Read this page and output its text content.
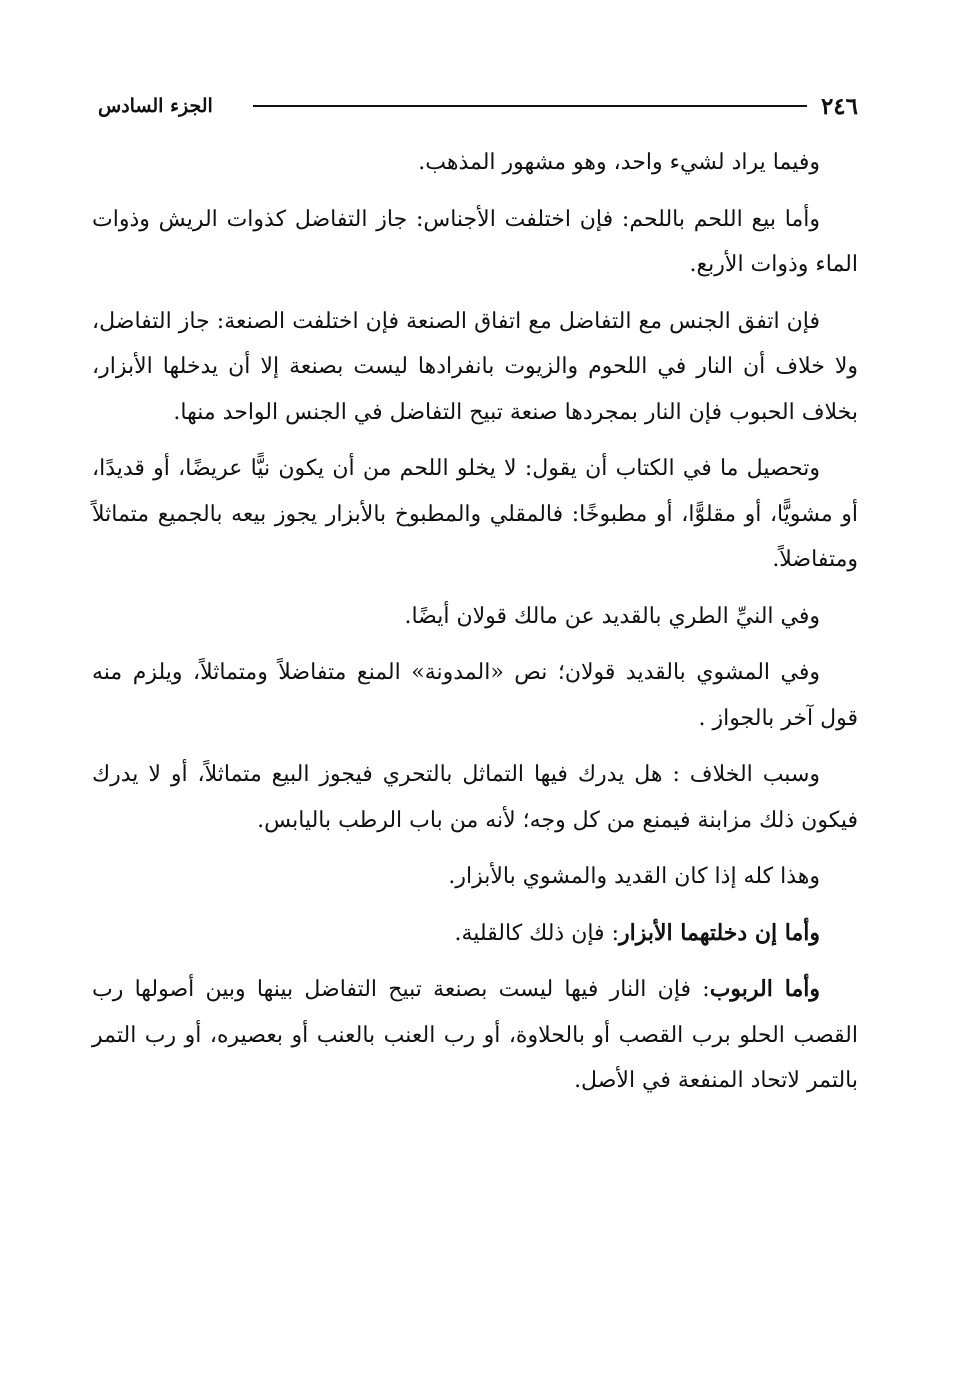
٢٤٦
الجزء السادس

وفيما يراد لشيء واحد، وهو مشهور المذهب.

وأما بيع اللحم باللحم: فإن اختلفت الأجناس: جاز التفاضل كذوات الريش وذوات الماء وذوات الأربع.

فإن اتفق الجنس مع التفاضل مع اتفاق الصنعة فإن اختلفت الصنعة: جاز التفاضل، ولا خلاف أن النار في اللحوم والزيوت بانفرادها ليست بصنعة إلا أن يدخلها الأبزار، بخلاف الحبوب فإن النار بمجردها صنعة تبيح التفاضل في الجنس الواحد منها.

وتحصيل ما في الكتاب أن يقول: لا يخلو اللحم من أن يكون نيًّا عريضًا، أو قديدًا، أو مشويًّا، أو مقلوًّا، أو مطبوخًا: فالمقلي والمطبوخ بالأبزار يجوز بيعه بالجميع متماثلاً ومتفاضلاً.

وفي النيِّ الطري بالقديد عن مالك قولان أيضًا.

وفي المشوي بالقديد قولان؛ نص «المدونة» المنع متفاضلاً ومتماثلاً، ويلزم منه قول آخر بالجواز .

وسبب الخلاف : هل يدرك فيها التماثل بالتحري فيجوز البيع متماثلاً، أو لا يدرك فيكون ذلك مزابنة فيمنع من كل وجه؛ لأنه من باب الرطب باليابس.

وهذا كله إذا كان القديد والمشوي بالأبزار.

وأما إن دخلتهما الأبزار: فإن ذلك كالقلية.

وأما الربوب: فإن النار فيها ليست بصنعة تبيح التفاضل بينها وبين أصولها رب القصب الحلو برب القصب أو بالحلاوة، أو رب العنب بالعنب أو بعصيره، أو رب التمر بالتمر لاتحاد المنفعة في الأصل.
